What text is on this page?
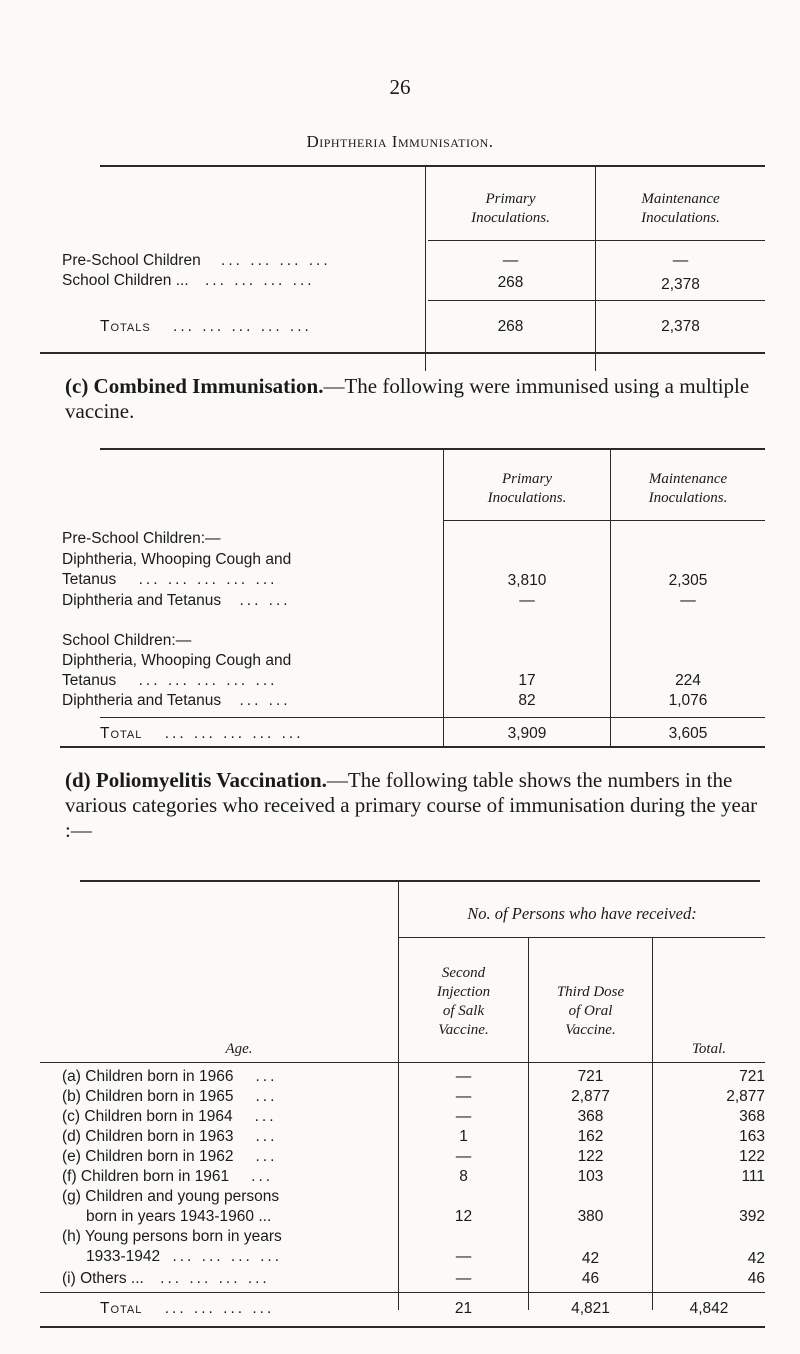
26
Diphtheria Immunisation.
Primary
Inoculations.
Maintenance
Inoculations.
Pre-School Children ... ... ... ...	—	—
School Children ... ... ... ... ...	268	2,378
Totals ... ... ... ... ...	268	2,378
(c) Combined Immunisation.—The following were immunised using a multiple vaccine.
Primary
Inoculations.
Maintenance
Inoculations.
Pre-School Children:—
Diphtheria, Whooping Cough and
Tetanus ... ... ... ... ...	3,810	2,305
Diphtheria and Tetanus ... ...	—	—
School Children:—
Diphtheria, Whooping Cough and
Tetanus ... ... ... ... ...	17	224
Diphtheria and Tetanus ... ...	82	1,076
Total ... ... ... ... ...	3,909	3,605
(d) Poliomyelitis Vaccination.—The following table shows the numbers in the various categories who received a primary course of immunisation during the year :—
No. of Persons who have received:
Age.
Second
Injection
of Salk
Vaccine.
Third Dose
of Oral
Vaccine.
Total.
(a) Children born in 1966 ...	—	721	721
(b) Children born in 1965 ...	—	2,877	2,877
(c) Children born in 1964 ...	—	368	368
(d) Children born in 1963 ...	1	162	163
(e) Children born in 1962 ...	—	122	122
(f) Children born in 1961 ...	8	103	111
(g) Children and young persons
born in years 1943-1960 ...	12	380	392
(h) Young persons born in years
1933-1942 ... ... ... ...	—	42	42
(i) Others ... ... ... ... ...	—	46	46
Total ... ... ... ...	21	4,821	4,842
